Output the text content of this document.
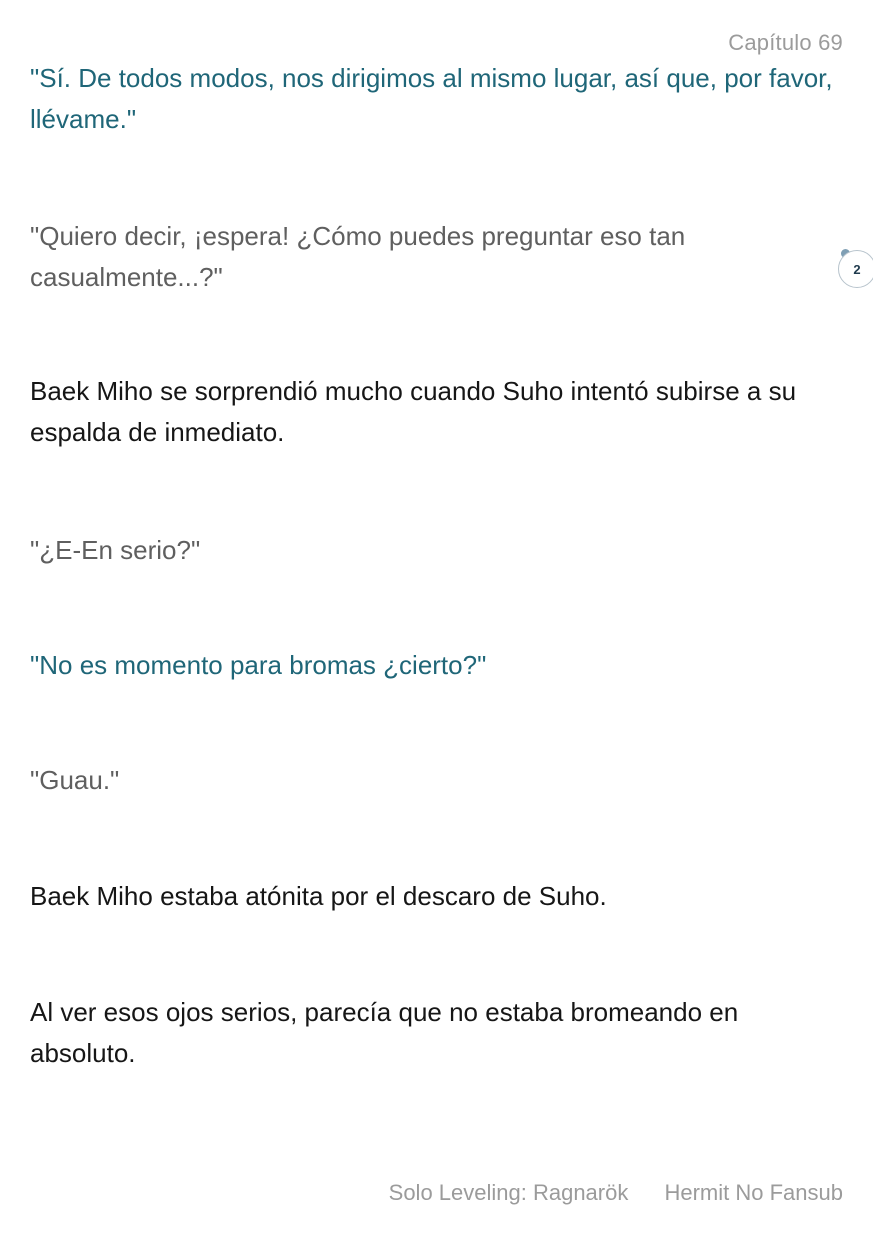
Capítulo 69

"Sí. De todos modos, nos dirigimos al mismo lugar, así que, por favor, llévame."

"Quiero decir, ¡espera! ¿Cómo puedes preguntar eso tan casualmente...?"	2

Baek Miho se sorprendió mucho cuando Suho intentó subirse a su espalda de inmediato.

"¿E-En serio?"

"No es momento para bromas ¿cierto?"

"Guau."

Baek Miho estaba atónita por el descaro de Suho.

Al ver esos ojos serios, parecía que no estaba bromeando en absoluto.

Solo Leveling: Ragnarök Hermit No Fansub
